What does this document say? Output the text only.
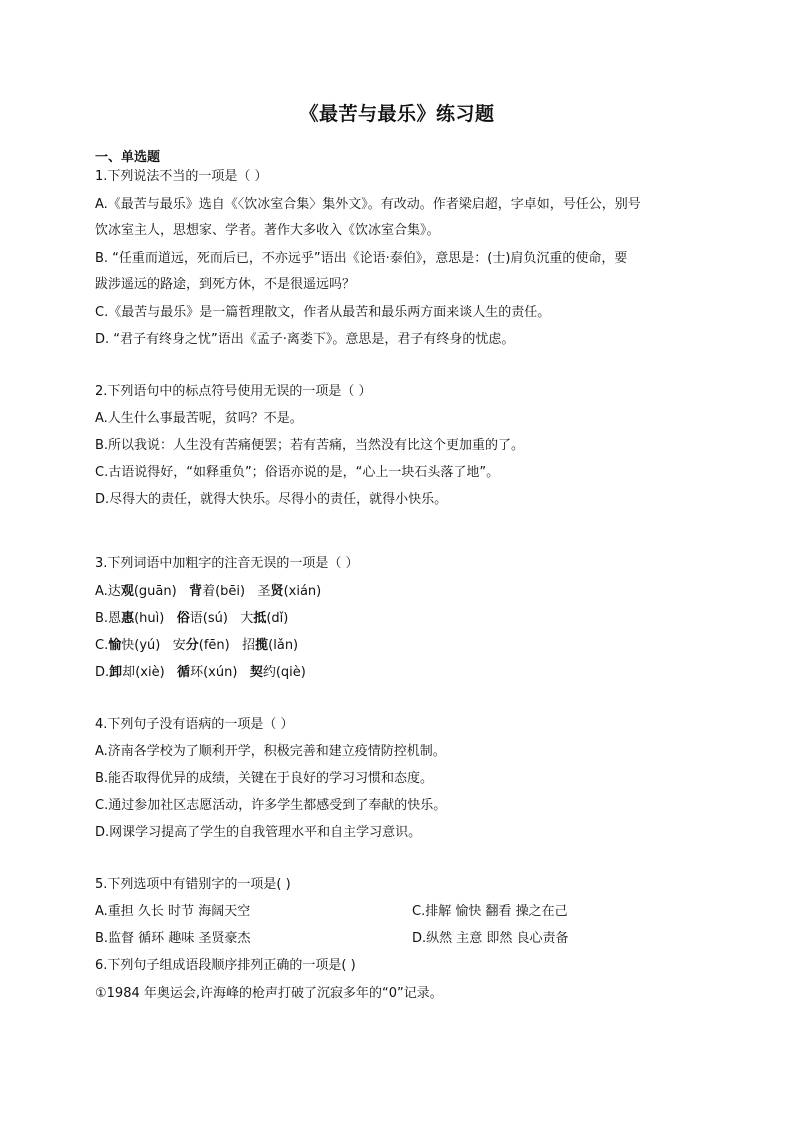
《最苦与最乐》练习题
一、单选题
1.下列说法不当的一项是（ ）
A.《最苦与最乐》选自《〈饮冰室合集〉集外文》。有改动。作者梁启超，字卓如，号任公，别号
饮冰室主人，思想家、学者。著作大多收入《饮冰室合集》。
B. “任重而道远，死而后已，不亦远乎”语出《论语·泰伯》，意思是：(士)肩负沉重的使命，要
跋涉遥远的路途，到死方休，不是很遥远吗？
C.《最苦与最乐》是一篇哲理散文，作者从最苦和最乐两方面来谈人生的责任。
D. “君子有终身之忧”语出《孟子·离娄下》。意思是，君子有终身的忧虑。
2.下列语句中的标点符号使用无误的一项是（ ）
A.人生什么事最苦呢，贫吗？不是。
B.所以我说：人生没有苦痛便罢；若有苦痛，当然没有比这个更加重的了。
C.古语说得好，“如释重负”；俗语亦说的是，“心上一块石头落了地”。
D.尽得大的责任，就得大快乐。尽得小的责任，就得小快乐。
3.下列词语中加粗字的注音无误的一项是（ ）
A.达观(guān) 背着(bēi) 圣贤(xián)
B.恩惠(huì) 俗语(sú) 大抵(dǐ)
C.愉快(yú) 安分(fēn) 招揽(lǎn)
D.卸却(xiè) 循环(xún) 契约(qiè)
4.下列句子没有语病的一项是（ ）
A.济南各学校为了顺利开学，积极完善和建立疫情防控机制。
B.能否取得优异的成绩，关键在于良好的学习习惯和态度。
C.通过参加社区志愿活动，许多学生都感受到了奉献的快乐。
D.网课学习提高了学生的自我管理水平和自主学习意识。
5.下列选项中有错别字的一项是( )
A.重担 久长 时节 海阔天空	C.排解 愉快 翻看 操之在己
B.监督 循环 趣味 圣贤豪杰	D.纵然 主意 即然 良心责备
6.下列句子组成语段顺序排列正确的一项是( )
①1984 年奥运会,许海峰的枪声打破了沉寂多年的“0”记录。
